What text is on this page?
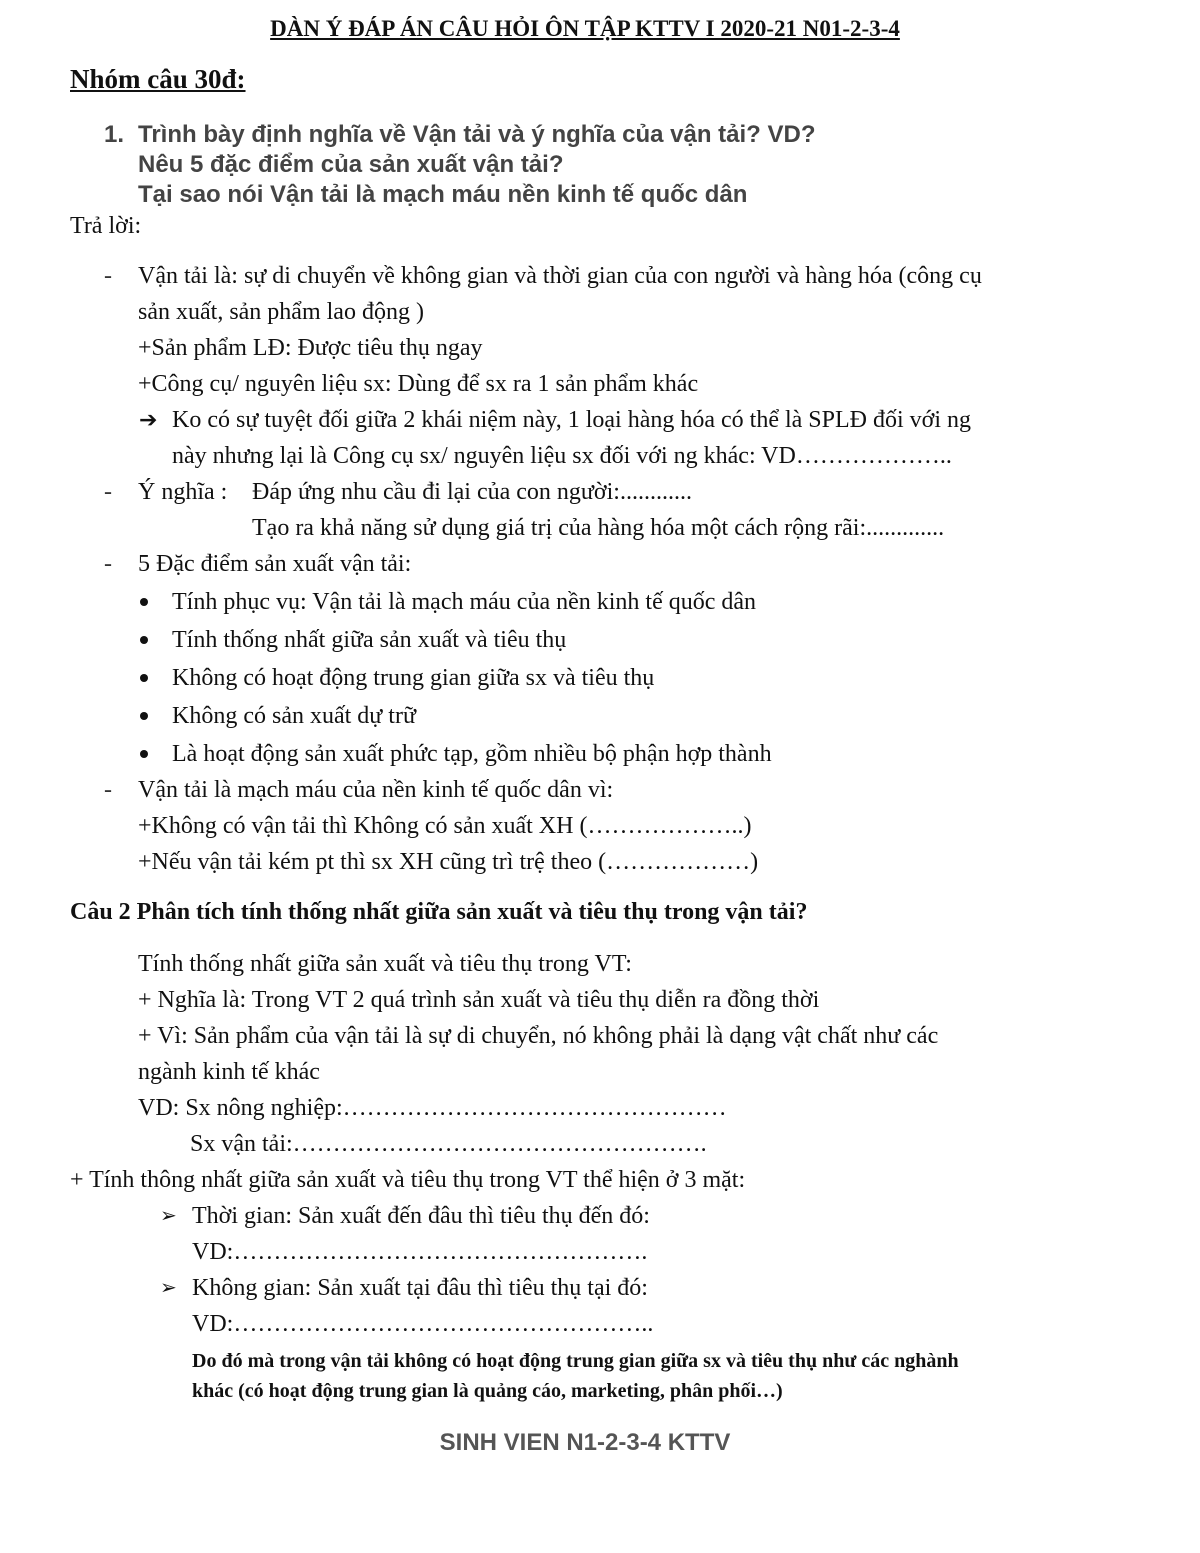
DÀN Ý ĐÁP ÁN CÂU HỎI ÔN TẬP KTTV I 2020-21 N01-2-3-4
Nhóm câu 30đ:
1. Trình bày định nghĩa về Vận tải và ý nghĩa của vận tải? VD?
Nêu 5 đặc điểm của sản xuất vận tải?
Tại sao nói Vận tải là mạch máu nền kinh tế quốc dân
Trả lời:
- Vận tải là: sự di chuyển về không gian và thời gian của con người và hàng hóa (công cụ
sản xuất, sản phẩm lao động )
+Sản phẩm LĐ: Được tiêu thụ ngay
+Công cụ/ nguyên liệu sx: Dùng để sx ra 1 sản phẩm khác
➔ Ko có sự tuyệt đối giữa 2 khái niệm này, 1 loại hàng hóa có thể là SPLĐ đối với ng
này nhưng lại là Công cụ sx/ nguyên liệu sx đối với ng khác: VD………………..
- Ý nghĩa : Đáp ứng nhu cầu đi lại của con người:............
Tạo ra khả năng sử dụng giá trị của hàng hóa một cách rộng rãi:.............
- 5 Đặc điểm sản xuất vận tải:
Tính phục vụ: Vận tải là mạch máu của nền kinh tế quốc dân
Tính thống nhất giữa sản xuất và tiêu thụ
Không có hoạt động trung gian giữa sx và tiêu thụ
Không có sản xuất dự trữ
Là hoạt động sản xuất phức tạp, gồm nhiều bộ phận hợp thành
- Vận tải là mạch máu của nền kinh tế quốc dân vì:
+Không có vận tải thì Không có sản xuất XH (………………..)
+Nếu vận tải kém pt thì sx XH cũng trì trệ theo (………………)
Câu 2 Phân tích tính thống nhất giữa sản xuất và tiêu thụ trong vận tải?
Tính thống nhất giữa sản xuất và tiêu thụ trong VT:
+ Nghĩa là: Trong VT 2 quá trình sản xuất và tiêu thụ diễn ra đồng thời
+ Vì: Sản phẩm của vận tải là sự di chuyển, nó không phải là dạng vật chất như các
ngành kinh tế khác
VD: Sx nông nghiệp:…………………………………………
Sx vận tải:…………………………………………….
+ Tính thông nhất giữa sản xuất và tiêu thụ trong VT thể hiện ở 3 mặt:
➢ Thời gian: Sản xuất đến đâu thì tiêu thụ đến đó:
VD:…………………………………………….
➢ Không gian: Sản xuất tại đâu thì tiêu thụ tại đó:
VD:……………………………………………..
Do đó mà trong vận tải không có hoạt động trung gian giữa sx và tiêu thụ như các nghành
khác (có hoạt động trung gian là quảng cáo, marketing, phân phối…)
SINH VIEN N1-2-3-4 KTTV
